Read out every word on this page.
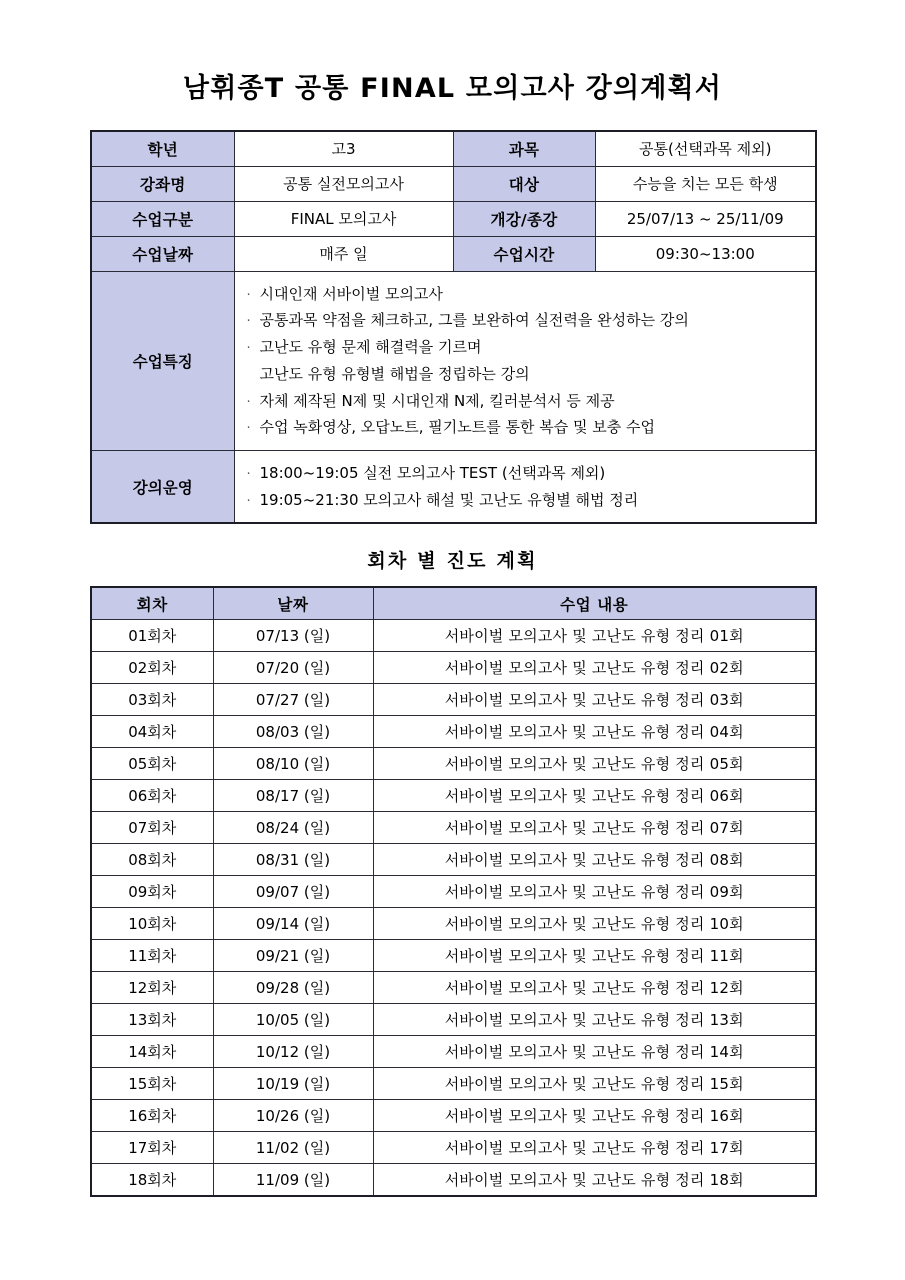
남휘종T 공통 FINAL 모의고사 강의계획서
학년	고3	과목	공통(선택과목 제외)
강좌명	공통 실전모의고사	대상	수능을 치는 모든 학생
수업구분	FINAL 모의고사	개강/종강	25/07/13 ~ 25/11/09
수업날짜	매주 일	수업시간	09:30~13:00
수업특징	
· 시대인재 서바이벌 모의고사
· 공통과목 약점을 체크하고, 그를 보완하여 실전력을 완성하는 강의
· 고난도 유형 문제 해결력을 기르며
고난도 유형 유형별 해법을 정립하는 강의
· 자체 제작된 N제 및 시대인재 N제, 킬러분석서 등 제공
· 수업 녹화영상, 오답노트, 필기노트를 통한 복습 및 보충 수업

강의운영	· 18:00~19:05 실전 모의고사 TEST (선택과목 제외)
· 19:05~21:30 모의고사 해설 및 고난도 유형별 해법 정리		
회차 별 진도 계획
회차	날짜	수업 내용
01회차	07/13 (일)	서바이벌 모의고사 및 고난도 유형 정리 01회
02회차	07/20 (일)	서바이벌 모의고사 및 고난도 유형 정리 02회
03회차	07/27 (일)	서바이벌 모의고사 및 고난도 유형 정리 03회
04회차	08/03 (일)	서바이벌 모의고사 및 고난도 유형 정리 04회
05회차	08/10 (일)	서바이벌 모의고사 및 고난도 유형 정리 05회
06회차	08/17 (일)	서바이벌 모의고사 및 고난도 유형 정리 06회
07회차	08/24 (일)	서바이벌 모의고사 및 고난도 유형 정리 07회
08회차	08/31 (일)	서바이벌 모의고사 및 고난도 유형 정리 08회
09회차	09/07 (일)	서바이벌 모의고사 및 고난도 유형 정리 09회
10회차	09/14 (일)	서바이벌 모의고사 및 고난도 유형 정리 10회
11회차	09/21 (일)	서바이벌 모의고사 및 고난도 유형 정리 11회
12회차	09/28 (일)	서바이벌 모의고사 및 고난도 유형 정리 12회
13회차	10/05 (일)	서바이벌 모의고사 및 고난도 유형 정리 13회
14회차	10/12 (일)	서바이벌 모의고사 및 고난도 유형 정리 14회
15회차	10/19 (일)	서바이벌 모의고사 및 고난도 유형 정리 15회
16회차	10/26 (일)	서바이벌 모의고사 및 고난도 유형 정리 16회
17회차	11/02 (일)	서바이벌 모의고사 및 고난도 유형 정리 17회
18회차	11/09 (일)	서바이벌 모의고사 및 고난도 유형 정리 18회
